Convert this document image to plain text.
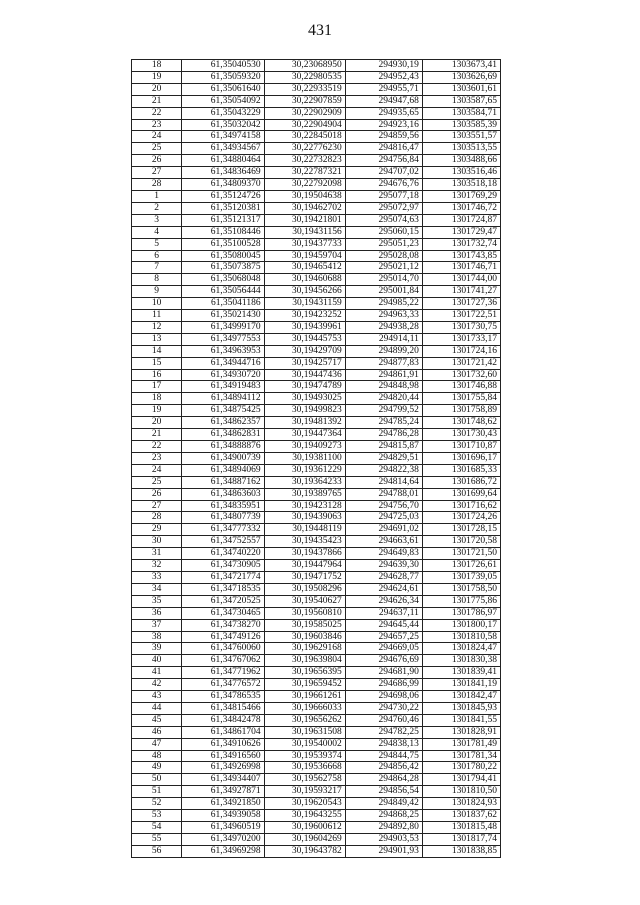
431
18	61,35040530	30,23068950	294930,19	1303673,41
19	61,35059320	30,22980535	294952,43	1303626,69
20	61,35061640	30,22933519	294955,71	1303601,61
21	61,35054092	30,22907859	294947,68	1303587,65
22	61,35043229	30,22902909	294935,65	1303584,71
23	61,35032042	30,22904904	294923,16	1303585,39
24	61,34974158	30,22845018	294859,56	1303551,57
25	61,34934567	30,22776230	294816,47	1303513,55
26	61,34880464	30,22732823	294756,84	1303488,66
27	61,34836469	30,22787321	294707,02	1303516,46
28	61,34809370	30,22792098	294676,76	1303518,18
1	61,35124726	30,19504638	295077,18	1301769,29
2	61,35120381	30,19462702	295072,97	1301746,72
3	61,35121317	30,19421801	295074,63	1301724,87
4	61,35108446	30,19431156	295060,15	1301729,47
5	61,35100528	30,19437733	295051,23	1301732,74
6	61,35080045	30,19459704	295028,08	1301743,85
7	61,35073875	30,19465412	295021,12	1301746,71
8	61,35068048	30,19460688	295014,70	1301744,00
9	61,35056444	30,19456266	295001,84	1301741,27
10	61,35041186	30,19431159	294985,22	1301727,36
11	61,35021430	30,19423252	294963,33	1301722,51
12	61,34999170	30,19439961	294938,28	1301730,75
13	61,34977553	30,19445753	294914,11	1301733,17
14	61,34963953	30,19429709	294899,20	1301724,16
15	61,34944716	30,19425717	294877,83	1301721,42
16	61,34930720	30,19447436	294861,91	1301732,60
17	61,34919483	30,19474789	294848,98	1301746,88
18	61,34894112	30,19493025	294820,44	1301755,84
19	61,34875425	30,19499823	294799,52	1301758,89
20	61,34862357	30,19481392	294785,24	1301748,62
21	61,34862831	30,19447364	294786,28	1301730,43
22	61,34888876	30,19409273	294815,87	1301710,87
23	61,34900739	30,19381100	294829,51	1301696,17
24	61,34894069	30,19361229	294822,38	1301685,33
25	61,34887162	30,19364233	294814,64	1301686,72
26	61,34863603	30,19389765	294788,01	1301699,64
27	61,34835951	30,19423128	294756,70	1301716,62
28	61,34807739	30,19439063	294725,03	1301724,26
29	61,34777332	30,19448119	294691,02	1301728,15
30	61,34752557	30,19435423	294663,61	1301720,58
31	61,34740220	30,19437866	294649,83	1301721,50
32	61,34730905	30,19447964	294639,30	1301726,61
33	61,34721774	30,19471752	294628,77	1301739,05
34	61,34718535	30,19508296	294624,61	1301758,50
35	61,34720525	30,19540627	294626,34	1301775,86
36	61,34730465	30,19560810	294637,11	1301786,97
37	61,34738270	30,19585025	294645,44	1301800,17
38	61,34749126	30,19603846	294657,25	1301810,58
39	61,34760060	30,19629168	294669,05	1301824,47
40	61,34767062	30,19639804	294676,69	1301830,38
41	61,34771962	30,19656395	294681,90	1301839,41
42	61,34776572	30,19659452	294686,99	1301841,19
43	61,34786535	30,19661261	294698,06	1301842,47
44	61,34815466	30,19666033	294730,22	1301845,93
45	61,34842478	30,19656262	294760,46	1301841,55
46	61,34861704	30,19631508	294782,25	1301828,91
47	61,34910626	30,19540002	294838,13	1301781,49
48	61,34916560	30,19539374	294844,75	1301781,34
49	61,34926998	30,19536668	294856,42	1301780,22
50	61,34934407	30,19562758	294864,28	1301794,41
51	61,34927871	30,19593217	294856,54	1301810,50
52	61,34921850	30,19620543	294849,42	1301824,93
53	61,34939058	30,19643255	294868,25	1301837,62
54	61,34960519	30,19600612	294892,80	1301815,48
55	61,34970200	30,19604269	294903,53	1301817,74
56	61,34969298	30,19643782	294901,93	1301838,85
